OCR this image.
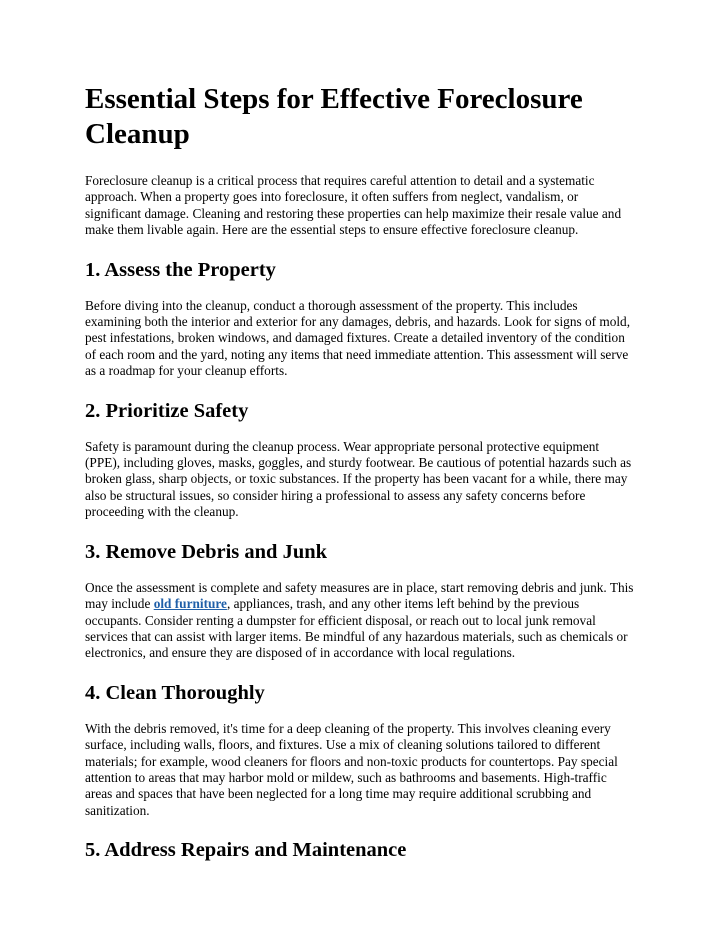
Essential Steps for Effective Foreclosure Cleanup

Foreclosure cleanup is a critical process that requires careful attention to detail and a systematic approach. When a property goes into foreclosure, it often suffers from neglect, vandalism, or significant damage. Cleaning and restoring these properties can help maximize their resale value and make them livable again. Here are the essential steps to ensure effective foreclosure cleanup.

1. Assess the Property

Before diving into the cleanup, conduct a thorough assessment of the property. This includes examining both the interior and exterior for any damages, debris, and hazards. Look for signs of mold, pest infestations, broken windows, and damaged fixtures. Create a detailed inventory of the condition of each room and the yard, noting any items that need immediate attention. This assessment will serve as a roadmap for your cleanup efforts.

2. Prioritize Safety

Safety is paramount during the cleanup process. Wear appropriate personal protective equipment (PPE), including gloves, masks, goggles, and sturdy footwear. Be cautious of potential hazards such as broken glass, sharp objects, or toxic substances. If the property has been vacant for a while, there may also be structural issues, so consider hiring a professional to assess any safety concerns before proceeding with the cleanup.

3. Remove Debris and Junk

Once the assessment is complete and safety measures are in place, start removing debris and junk. This may include old furniture, appliances, trash, and any other items left behind by the previous occupants. Consider renting a dumpster for efficient disposal, or reach out to local junk removal services that can assist with larger items. Be mindful of any hazardous materials, such as chemicals or electronics, and ensure they are disposed of in accordance with local regulations.

4. Clean Thoroughly

With the debris removed, it's time for a deep cleaning of the property. This involves cleaning every surface, including walls, floors, and fixtures. Use a mix of cleaning solutions tailored to different materials; for example, wood cleaners for floors and non-toxic products for countertops. Pay special attention to areas that may harbor mold or mildew, such as bathrooms and basements. High-traffic areas and spaces that have been neglected for a long time may require additional scrubbing and sanitization.

5. Address Repairs and Maintenance
